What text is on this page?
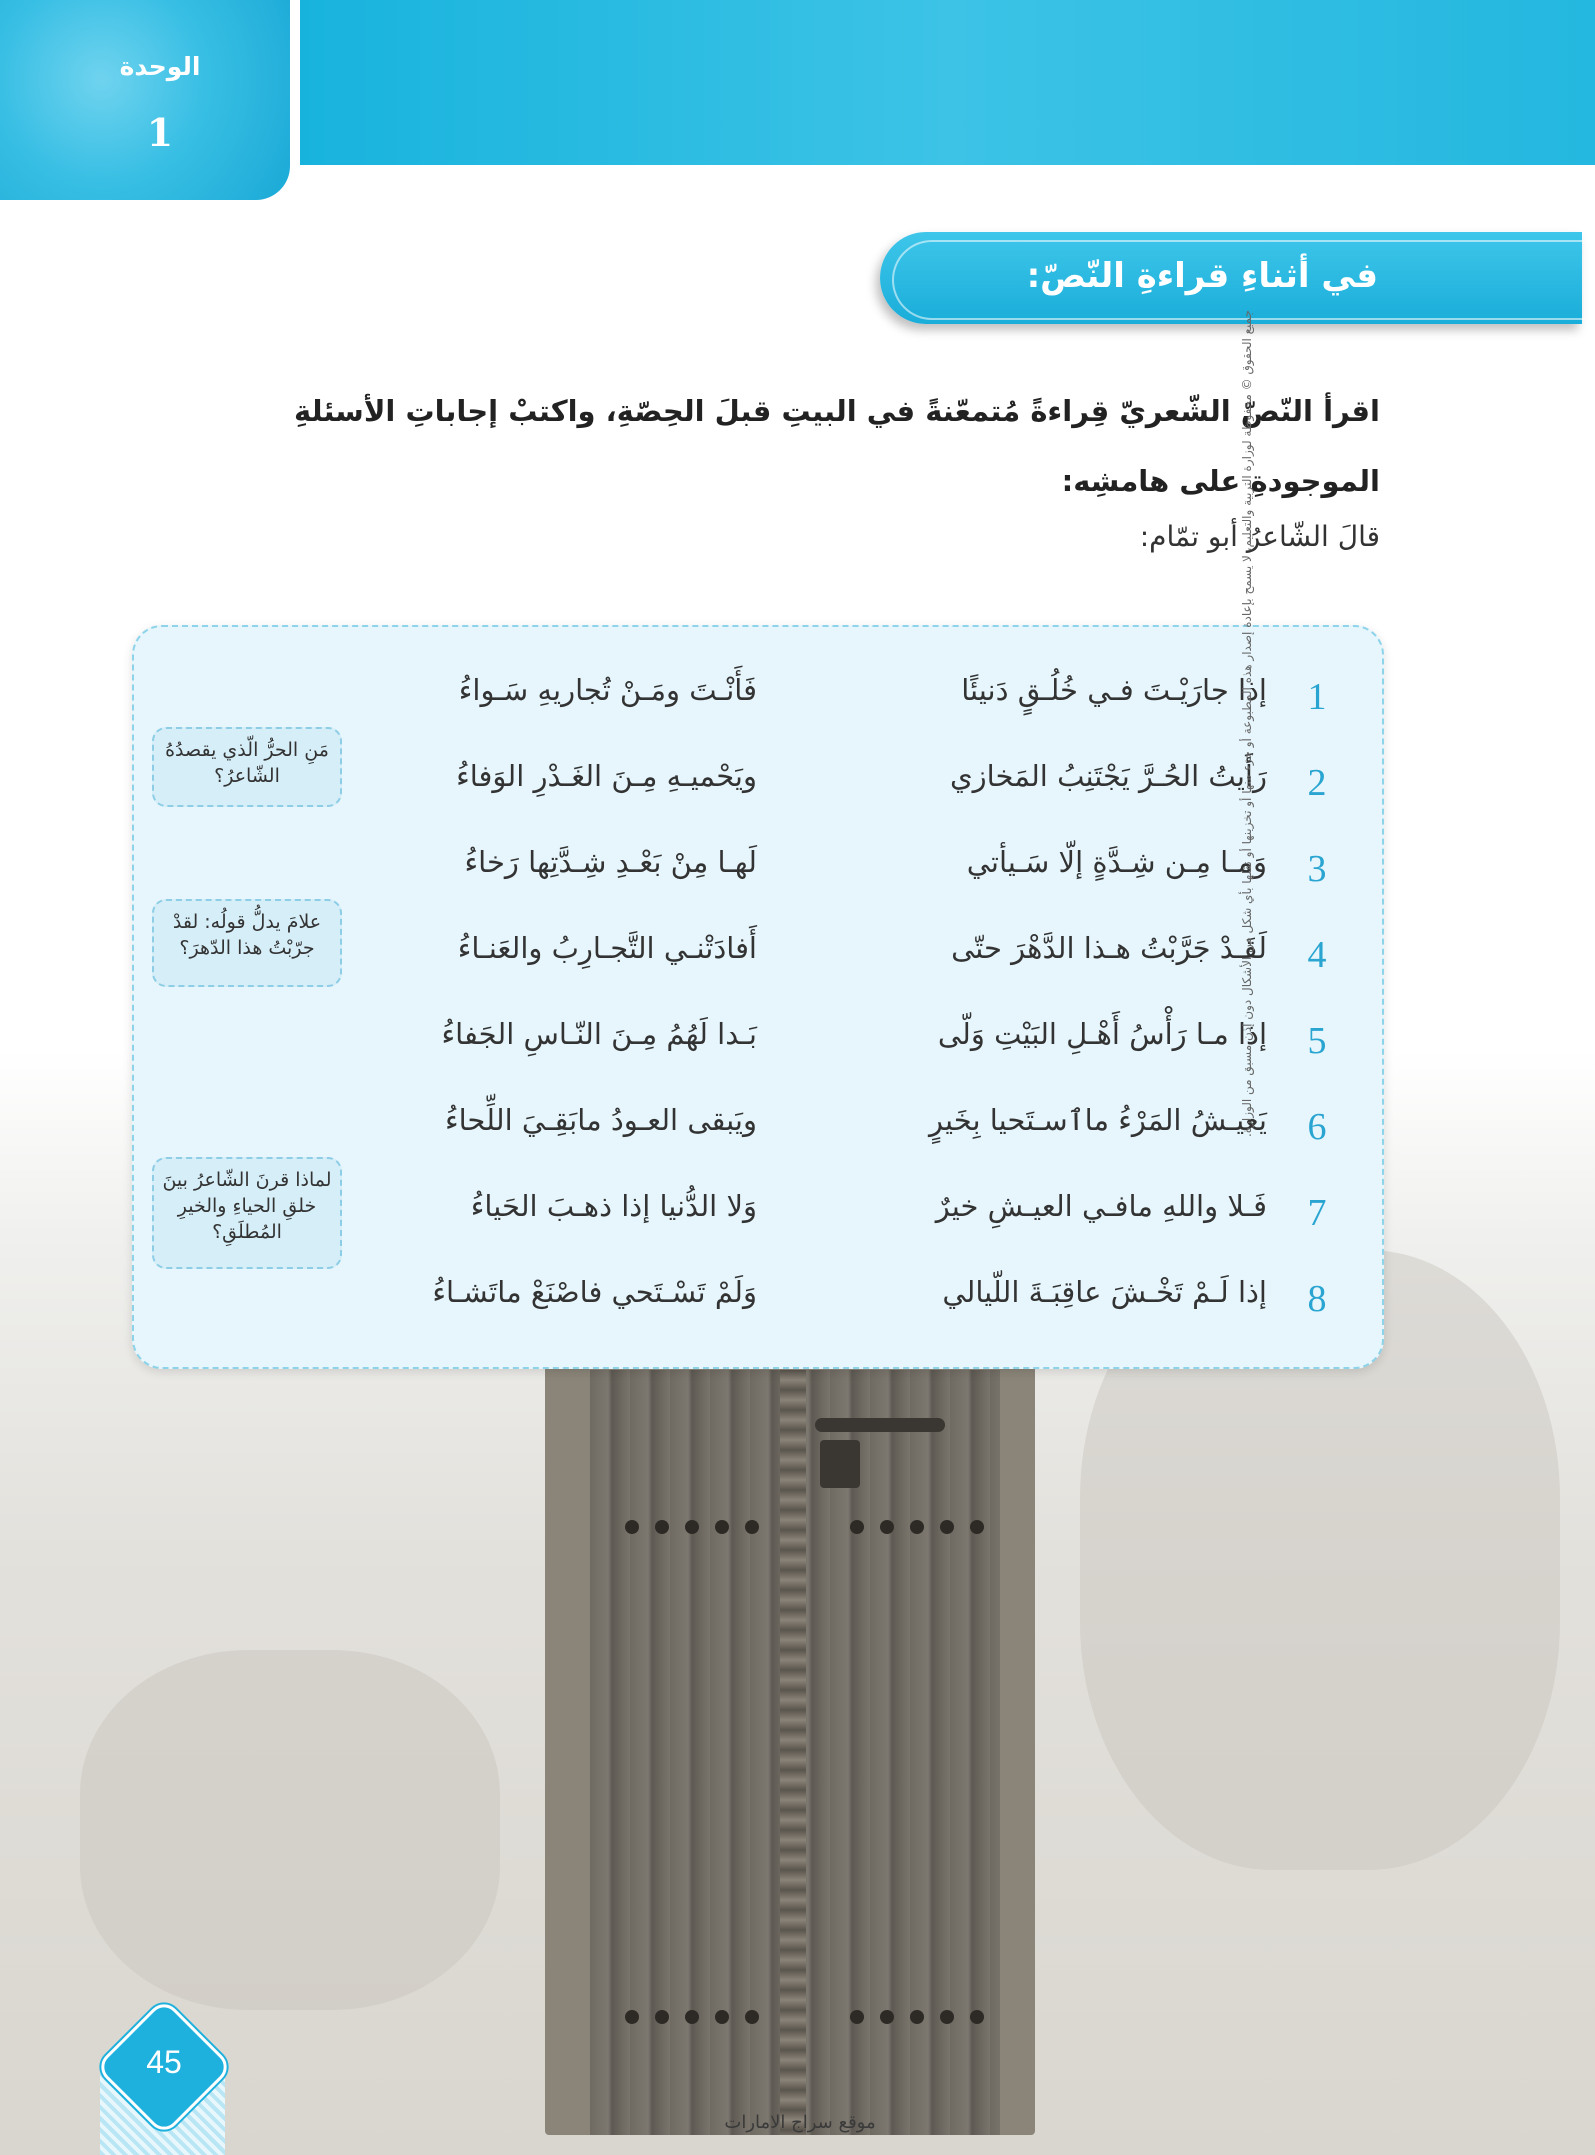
الوحدة
1
في أثناءِ قراءةِ النّصّ:
اقرأ النّصّ الشّعريّ قِراءةً مُتمعّنةً في البيتِ قبلَ الحِصّةِ، واكتبْ إجاباتِ الأسئلةِ الموجودةِ على هامشِه:
قالَ الشّاعرُ أبو تمّام:
1
إذا جارَيْـتَ فـي خُلُـقٍ دَنيئًا
فَأَنْـتَ ومَـنْ تُجاريهِ سَـواءُ
2
رَأَيتُ الحُـرَّ يَجْتَنِبُ المَخازي
ويَحْميـهِ مِـنَ الغَـدْرِ الوَفاءُ
3
وَمـا مِـن شِـدَّةٍ إلّا سَـيأتي
لَهـا مِنْ بَعْـدِ شِـدَّتِها رَخاءُ
4
لَقَـدْ جَرَّبْتُ هـذا الدَّهْرَ حتّى
أَفادَتْنـي التَّجـارِبُ والعَنـاءُ
5
إذا مـا رَأْسُ أَهْـلِ البَيْتِ وَلّى
بَـدا لَهُمُ مِـنَ النّـاسِ الجَفاءُ
6
يَعيـشُ المَرْءُ ماٱسـتَحيا بِخَيرٍ
ويَبقى العـودُ مابَقِـيَ اللِّحاءُ
7
فَـلا واللهِ مافـي العيـشِ خيرٌ
وَلا الدُّنيا إذا ذهـبَ الحَياءُ
8
إذا لَـمْ تَخْـشَ عاقِبَـةَ اللّيالي
وَلَمْ تَسْـتَحي فاصْنَعْ ماتَشـاءُ
مَنِ الحرُّ الّذي يقصدُهُ الشّاعرُ؟
علامَ يدلُّ قولُه: لقدْ جرّبْتُ هذا الدّهرَ؟
لماذا قرنَ الشّاعرُ بينَ خلقِ الحياءِ والخيرِ المُطلَقِ؟
جميع الحقوق © محفوظة لوزارة التربية والتعليم، لا يسمح بإعادة إصدار هذه المطبوعة أو جزء منها أو تخزينها أو نقلها بأي شكل من الأشكال دون إذن مسبق من الوزارة.
45
موقع سراج الامارات
